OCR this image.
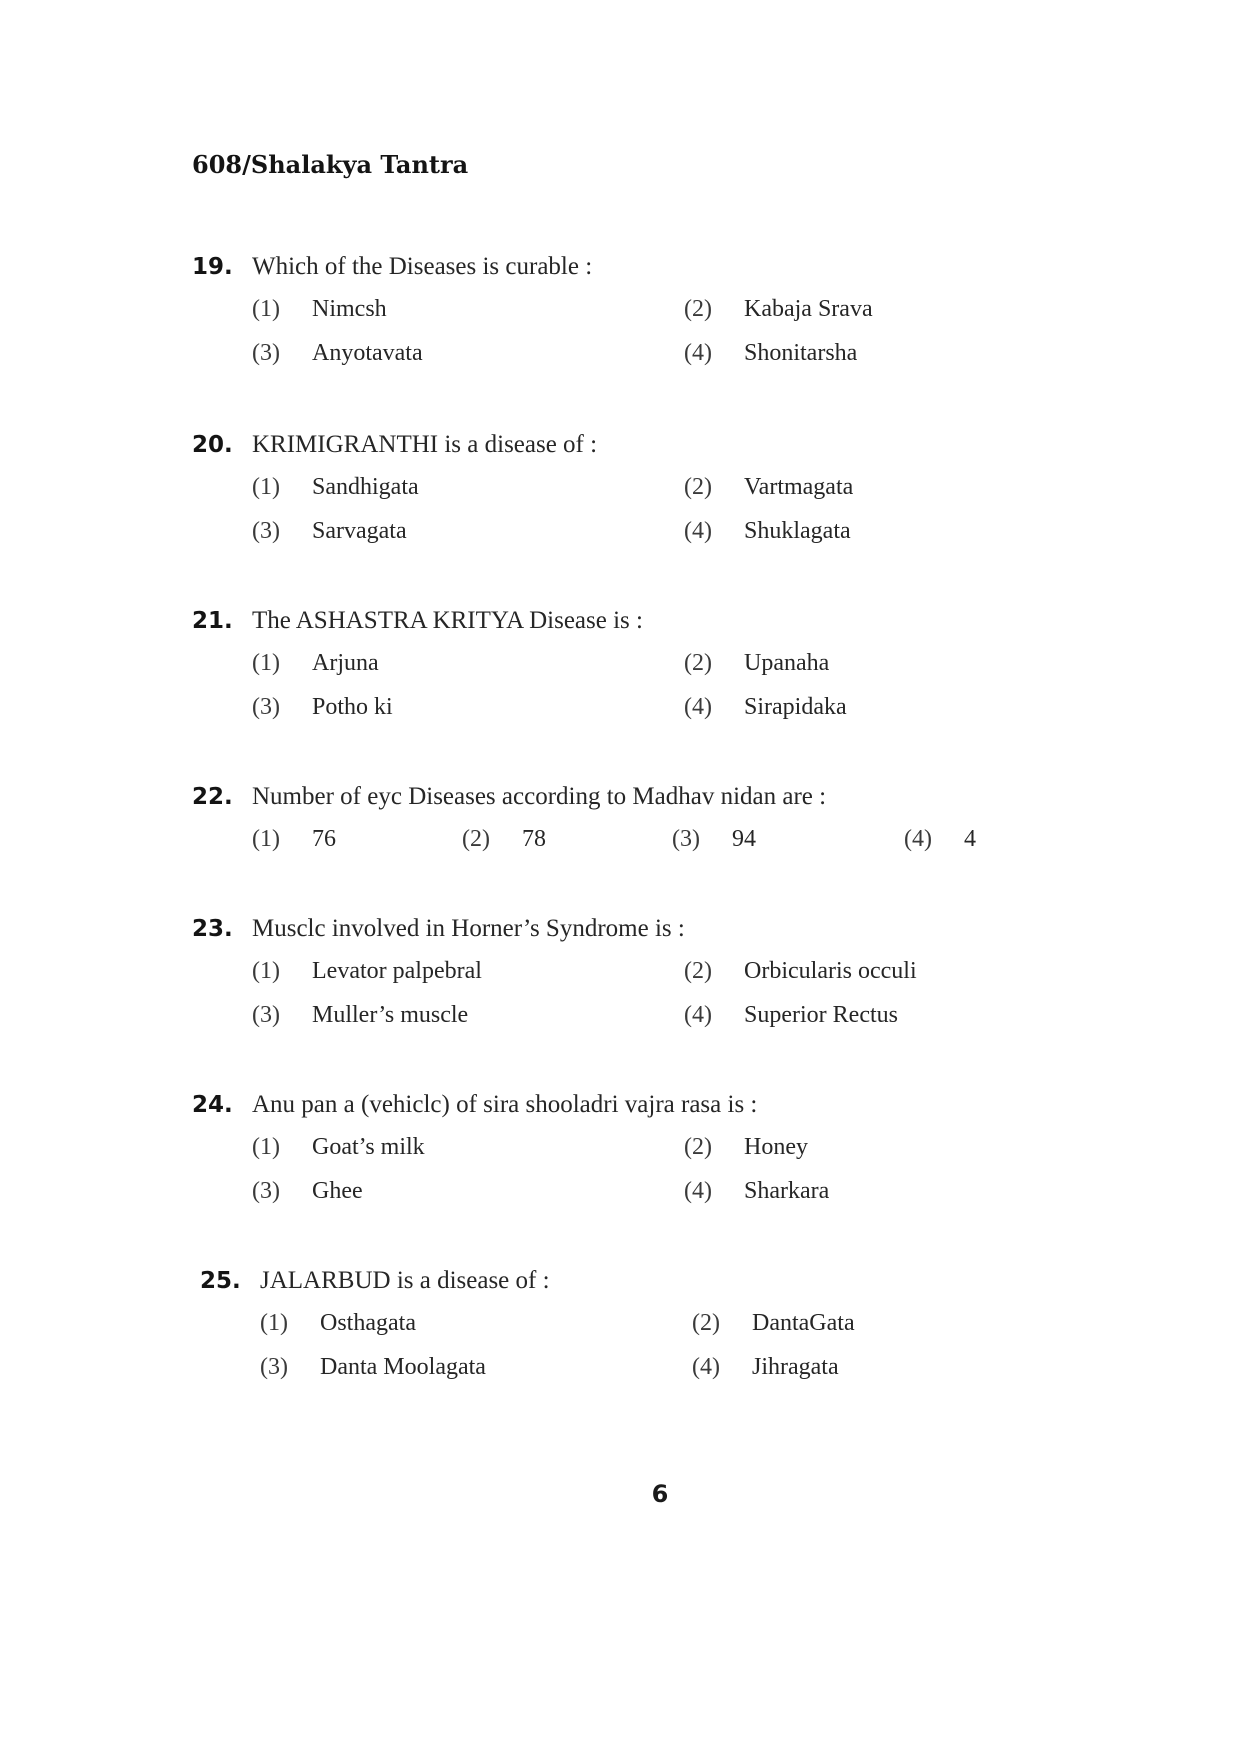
608/Shalakya Tantra
19. Which of the Diseases is curable :
(1) Nimcsh	(2) Kabaja Srava
(3) Anyotavata	(4) Shonitarsha
20. KRIMIGRANTHI is a disease of :
(1) Sandhigata	(2) Vartmagata
(3) Sarvagata	(4) Shuklagata
21. The ASHASTRA KRITYA Disease is :
(1) Arjuna	(2) Upanaha
(3) Potho ki	(4) Sirapidaka
22. Number of eyc Diseases according to Madhav nidan are :
(1) 76	(2) 78	(3) 94	(4) 4
23. Musclc involved in Horner’s Syndrome is :
(1) Levator palpebral	(2) Orbicularis occuli
(3) Muller’s muscle	(4) Superior Rectus
24. Anu pan a (vehiclc) of sira shooladri vajra rasa is :
(1) Goat’s milk	(2) Honey
(3) Ghee	(4) Sharkara
25. JALARBUD is a disease of :
(1) Osthagata	(2) DantaGata
(3) Danta Moolagata	(4) Jihragata
6
